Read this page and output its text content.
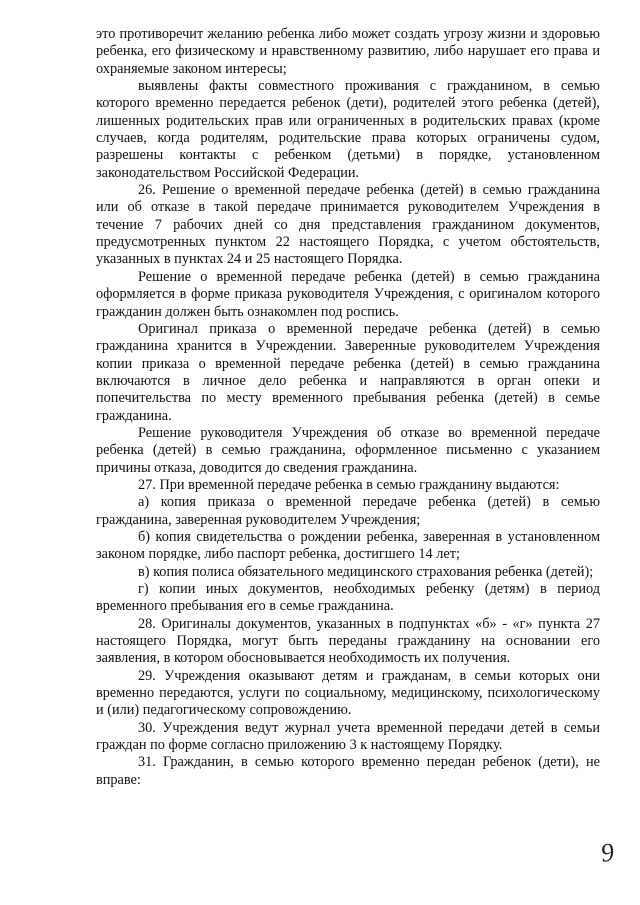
это противоречит желанию ребенка либо может создать угрозу жизни и здоровью ребенка, его физическому и нравственному развитию, либо нарушает его права и охраняемые законом интересы;

выявлены факты совместного проживания с гражданином, в семью которого временно передается ребенок (дети), родителей этого ребенка (детей), лишенных родительских прав или ограниченных в родительских правах (кроме случаев, когда родителям, родительские права которых ограничены судом, разрешены контакты с ребенком (детьми) в порядке, установленном законодательством Российской Федерации.

26. Решение о временной передаче ребенка (детей) в семью гражданина или об отказе в такой передаче принимается руководителем Учреждения в течение 7 рабочих дней со дня представления гражданином документов, предусмотренных пунктом 22 настоящего Порядка, с учетом обстоятельств, указанных в пунктах 24 и 25 настоящего Порядка.

Решение о временной передаче ребенка (детей) в семью гражданина оформляется в форме приказа руководителя Учреждения, с оригиналом которого гражданин должен быть ознакомлен под роспись.

Оригинал приказа о временной передаче ребенка (детей) в семью гражданина хранится в Учреждении. Заверенные руководителем Учреждения копии приказа о временной передаче ребенка (детей) в семью гражданина включаются в личное дело ребенка и направляются в орган опеки и попечительства по месту временного пребывания ребенка (детей) в семье гражданина.

Решение руководителя Учреждения об отказе во временной передаче ребенка (детей) в семью гражданина, оформленное письменно с указанием причины отказа, доводится до сведения гражданина.

27. При временной передаче ребенка в семью гражданину выдаются:

а) копия приказа о временной передаче ребенка (детей) в семью гражданина, заверенная руководителем Учреждения;

б) копия свидетельства о рождении ребенка, заверенная в установленном законом порядке, либо паспорт ребенка, достигшего 14 лет;

в) копия полиса обязательного медицинского страхования ребенка (детей);

г) копии иных документов, необходимых ребенку (детям) в период временного пребывания его в семье гражданина.

28. Оригиналы документов, указанных в подпунктах «б» - «г» пункта 27 настоящего Порядка, могут быть переданы гражданину на основании его заявления, в котором обосновывается необходимость их получения.

29. Учреждения оказывают детям и гражданам, в семьи которых они временно передаются, услуги по социальному, медицинскому, психологическому и (или) педагогическому сопровождению.

30. Учреждения ведут журнал учета временной передачи детей в семьи граждан по форме согласно приложению 3 к настоящему Порядку.

31. Гражданин, в семью которого временно передан ребенок (дети), не вправе:

9
